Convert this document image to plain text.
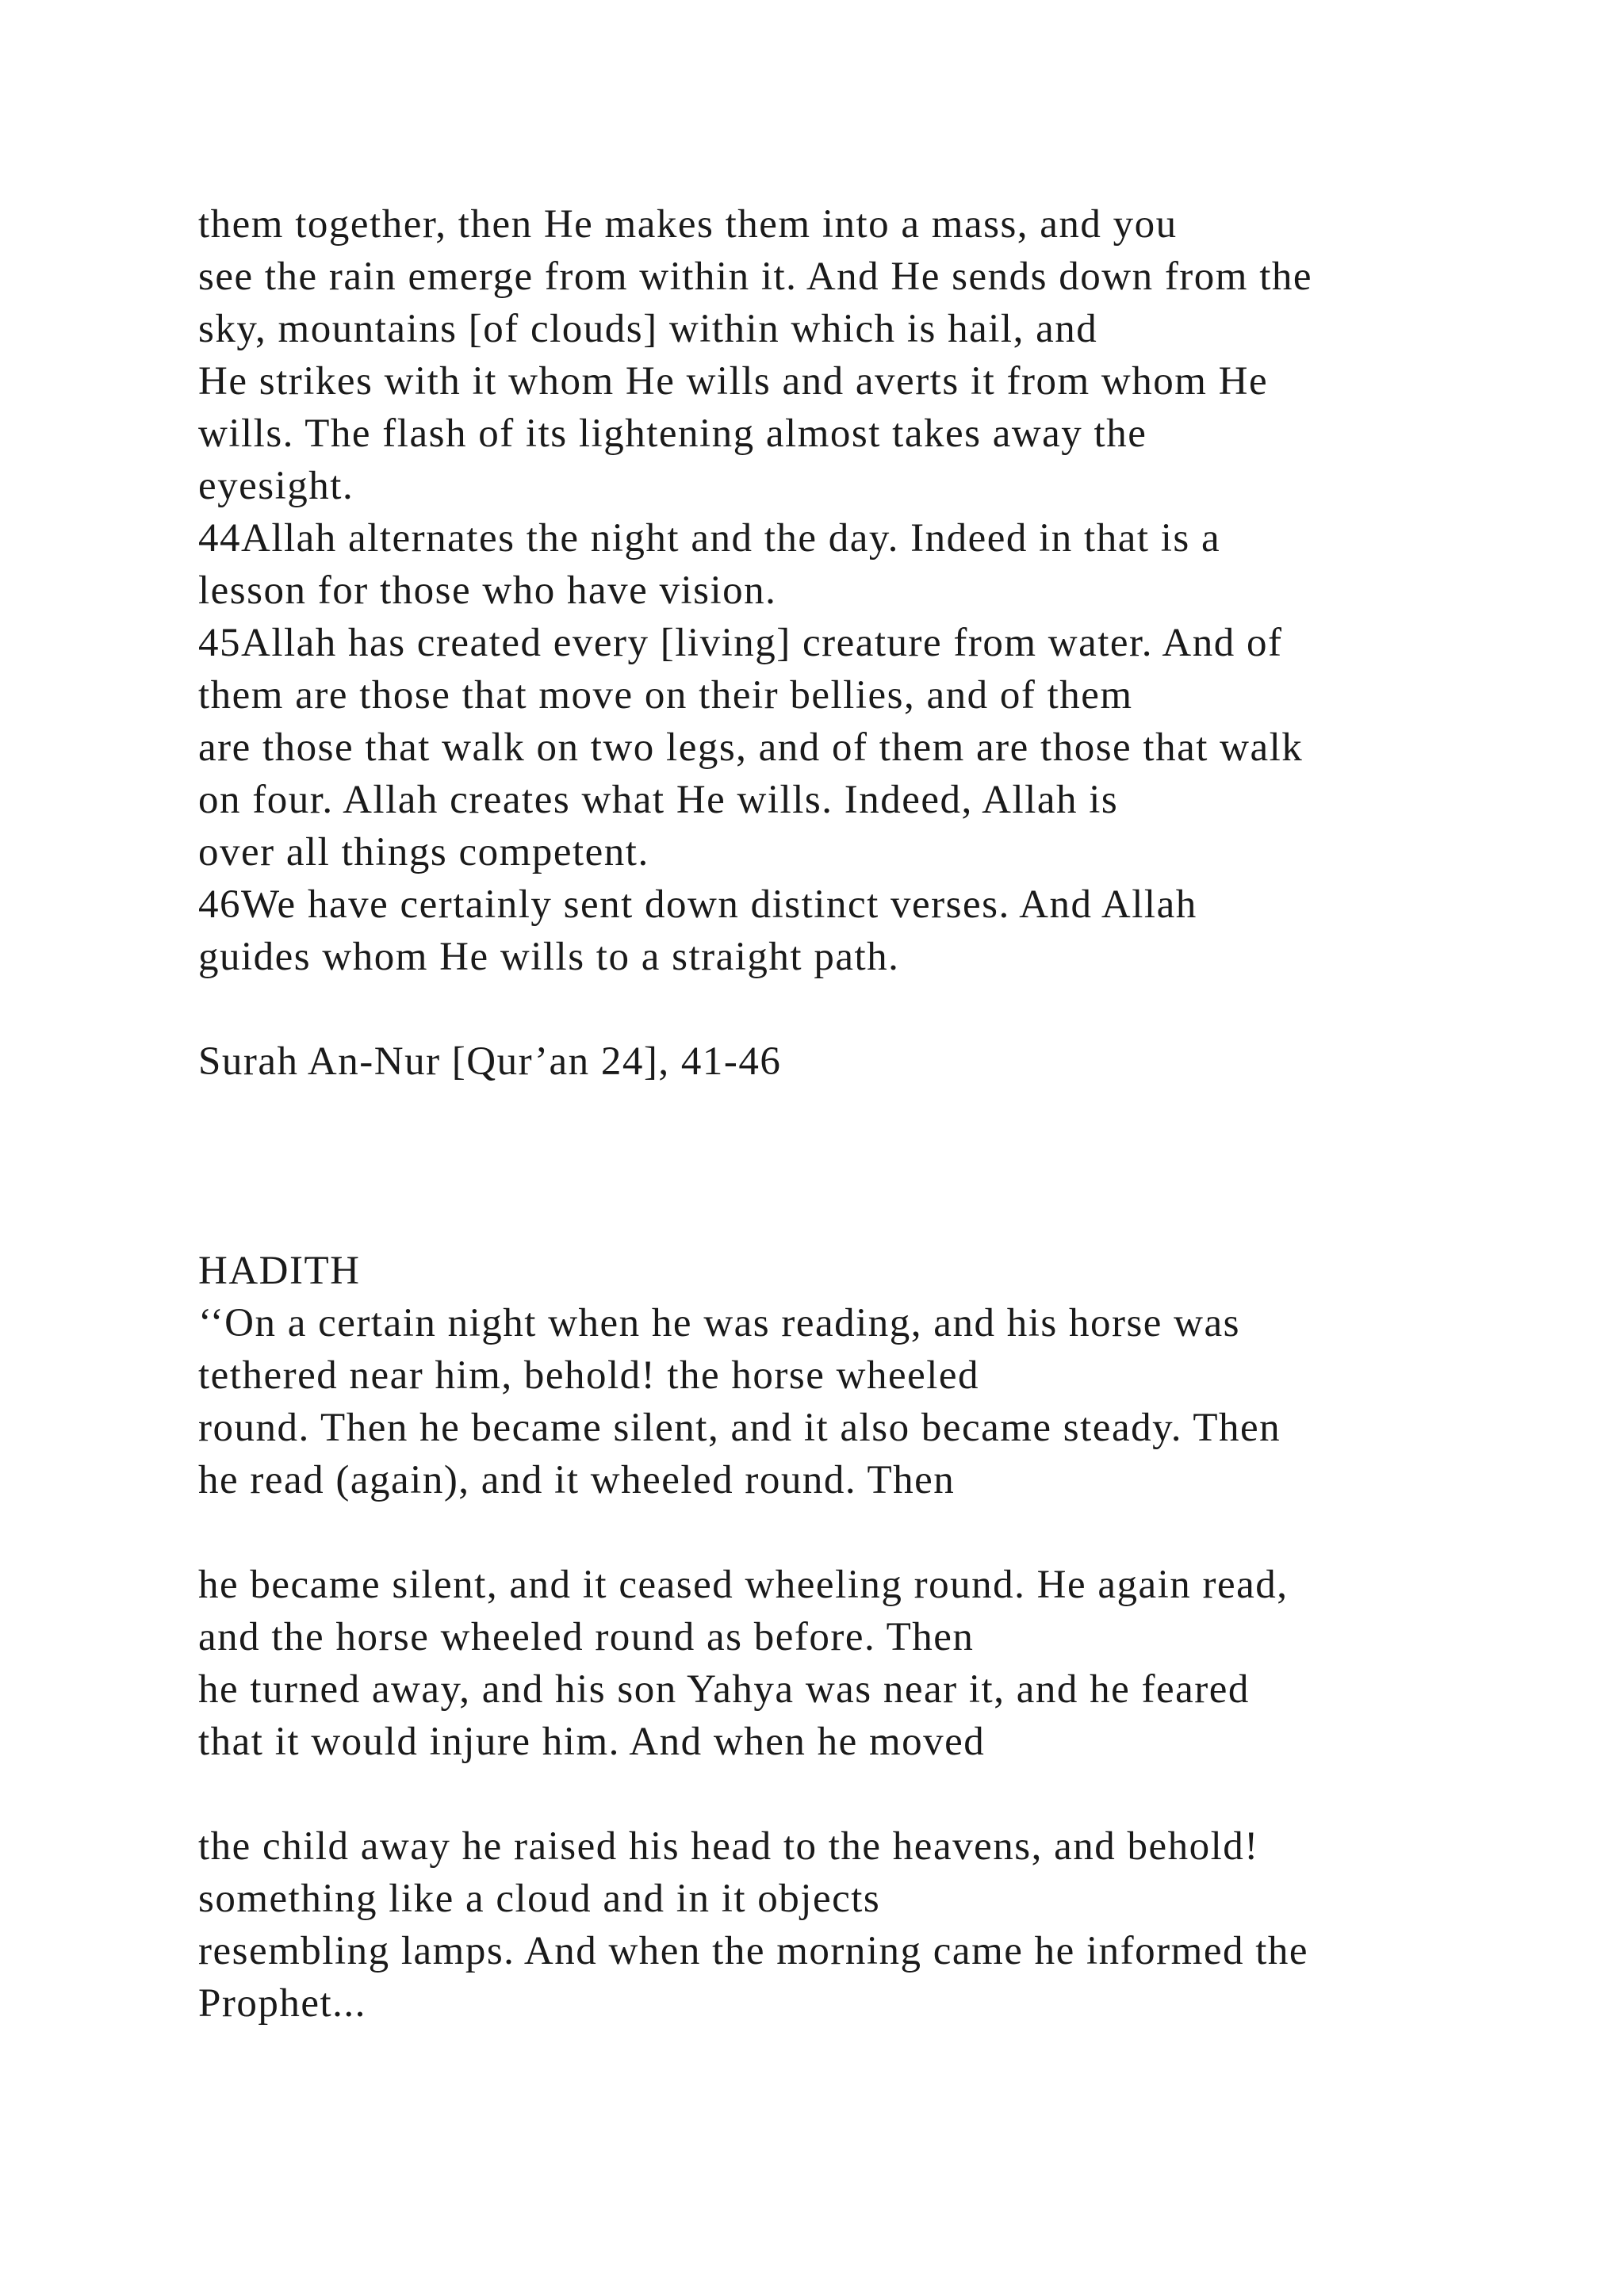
them together, then He makes them into a mass, and you
see the rain emerge from within it. And He sends down from the
sky, mountains [of clouds] within which is hail, and
He strikes with it whom He wills and averts it from whom He
wills. The flash of its lightening almost takes away the
eyesight.
44Allah alternates the night and the day. Indeed in that is a
lesson for those who have vision.
45Allah has created every [living] creature from water. And of
them are those that move on their bellies, and of them
are those that walk on two legs, and of them are those that walk
on four. Allah creates what He wills. Indeed, Allah is
over all things competent.
46We have certainly sent down distinct verses. And Allah
guides whom He wills to a straight path.
Surah An-Nur [Qur’an 24], 41-46
HADITH
‘‘On a certain night when he was reading, and his horse was
tethered near him, behold! the horse wheeled
round. Then he became silent, and it also became steady. Then
he read (again), and it wheeled round. Then
he became silent, and it ceased wheeling round. He again read,
and the horse wheeled round as before. Then
he turned away, and his son Yahya was near it, and he feared
that it would injure him. And when he moved
the child away he raised his head to the heavens, and behold!
something like a cloud and in it objects
resembling lamps. And when the morning came he informed the
Prophet...
